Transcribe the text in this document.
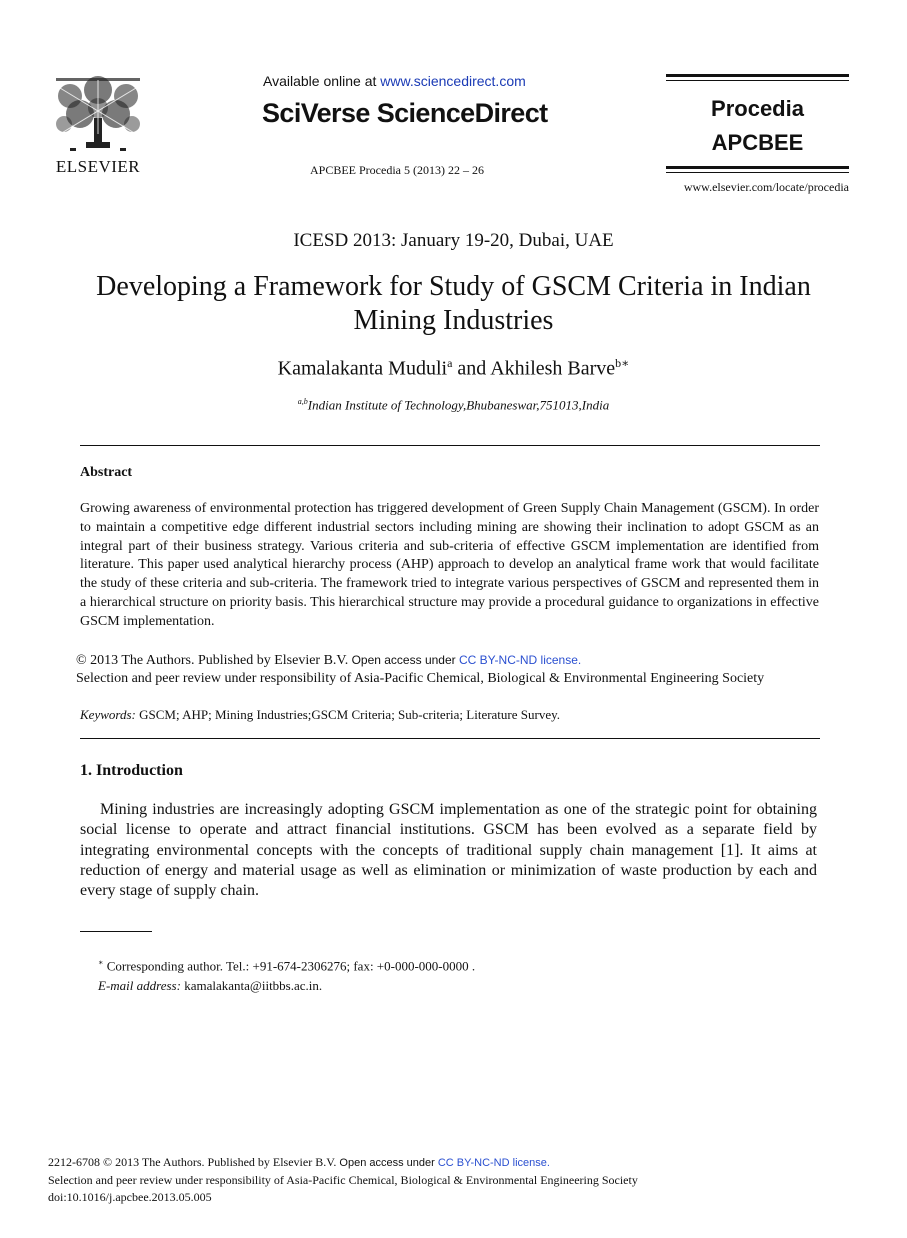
ELSEVIER
Available online at www.sciencedirect.com
SciVerse ScienceDirect
APCBEE Procedia 5 (2013) 22 – 26
Procedia
APCBEE
www.elsevier.com/locate/procedia
ICESD 2013: January 19-20, Dubai, UAE
Developing a Framework for Study of GSCM Criteria in Indian
Mining Industries
Kamalakanta Muduli$^a$ and Akhilesh Barve$^{b∗}$
$^{a,b}$Indian Institute of Technology,Bhubaneswar,751013,India
Abstract
Growing awareness of environmental protection has triggered development of Green Supply Chain Management (GSCM). In order to maintain a competitive edge different industrial sectors including mining are showing their inclination to adopt GSCM as an integral part of their business strategy. Various criteria and sub-criteria of effective GSCM implementation are identified from literature. This paper used analytical hierarchy process (AHP) approach to develop an analytical frame work that would facilitate the study of these criteria and sub-criteria. The framework tried to integrate various perspectives of GSCM and represented them in a hierarchical structure on priority basis. This hierarchical structure may provide a procedural guidance to organizations in effective GSCM implementation.
© 2013 The Authors. Published by Elsevier B.V. Open access under CC BY-NC-ND license.
Selection and peer review under responsibility of Asia-Pacific Chemical, Biological & Environmental Engineering Society
Keywords: GSCM; AHP; Mining Industries;GSCM Criteria; Sub-criteria; Literature Survey.
1. Introduction
Mining industries are increasingly adopting GSCM implementation as one of the strategic point for obtaining social license to operate and attract financial institutions. GSCM has been evolved as a separate field by integrating environmental concepts with the concepts of traditional supply chain management [1]. It aims at reduction of energy and material usage as well as elimination or minimization of waste production by each and every stage of supply chain.
∗ Corresponding author. Tel.: +91-674-2306276; fax: +0-000-000-0000 .
E-mail address: kamalakanta@iitbbs.ac.in.
2212-6708 © 2013 The Authors. Published by Elsevier B.V. Open access under CC BY-NC-ND license.
Selection and peer review under responsibility of Asia-Pacific Chemical, Biological & Environmental Engineering Society
doi:10.1016/j.apcbee.2013.05.005
